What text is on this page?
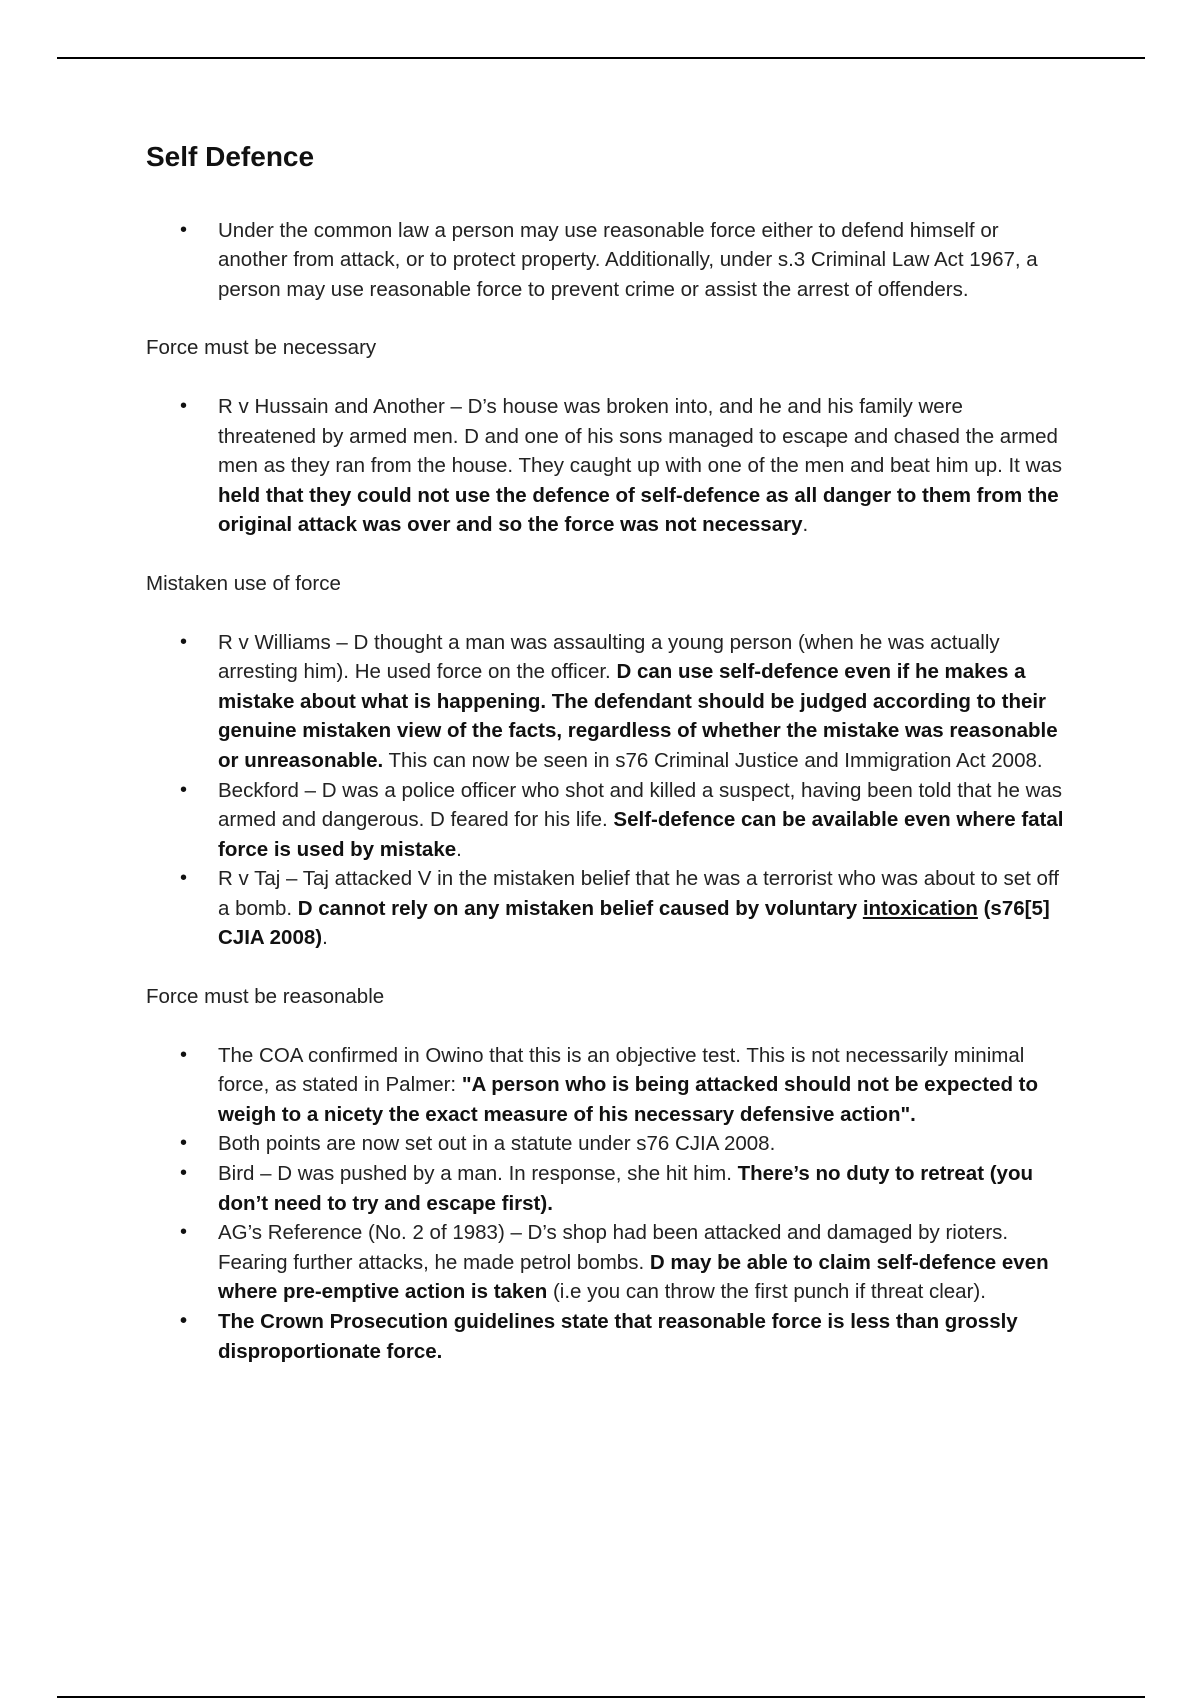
Self Defence
• Under the common law a person may use reasonable force either to defend himself or another from attack, or to protect property. Additionally, under s.3 Criminal Law Act 1967, a person may use reasonable force to prevent crime or assist the arrest of offenders.
Force must be necessary
• R v Hussain and Another – D’s house was broken into, and he and his family were threatened by armed men. D and one of his sons managed to escape and chased the armed men as they ran from the house. They caught up with one of the men and beat him up. It was held that they could not use the defence of self-defence as all danger to them from the original attack was over and so the force was not necessary.
Mistaken use of force
• R v Williams – D thought a man was assaulting a young person (when he was actually arresting him). He used force on the officer. D can use self-defence even if he makes a mistake about what is happening. The defendant should be judged according to their genuine mistaken view of the facts, regardless of whether the mistake was reasonable or unreasonable. This can now be seen in s76 Criminal Justice and Immigration Act 2008.
• Beckford – D was a police officer who shot and killed a suspect, having been told that he was armed and dangerous. D feared for his life. Self-defence can be available even where fatal force is used by mistake.
• R v Taj – Taj attacked V in the mistaken belief that he was a terrorist who was about to set off a bomb. D cannot rely on any mistaken belief caused by voluntary intoxication (s76[5] CJIA 2008).
Force must be reasonable
• The COA confirmed in Owino that this is an objective test. This is not necessarily minimal force, as stated in Palmer: "A person who is being attacked should not be expected to weigh to a nicety the exact measure of his necessary defensive action".
• Both points are now set out in a statute under s76 CJIA 2008.
• Bird – D was pushed by a man. In response, she hit him. There’s no duty to retreat (you don’t need to try and escape first).
• AG’s Reference (No. 2 of 1983) – D’s shop had been attacked and damaged by rioters. Fearing further attacks, he made petrol bombs. D may be able to claim self-defence even where pre-emptive action is taken (i.e you can throw the first punch if threat clear).
• The Crown Prosecution guidelines state that reasonable force is less than grossly disproportionate force.
